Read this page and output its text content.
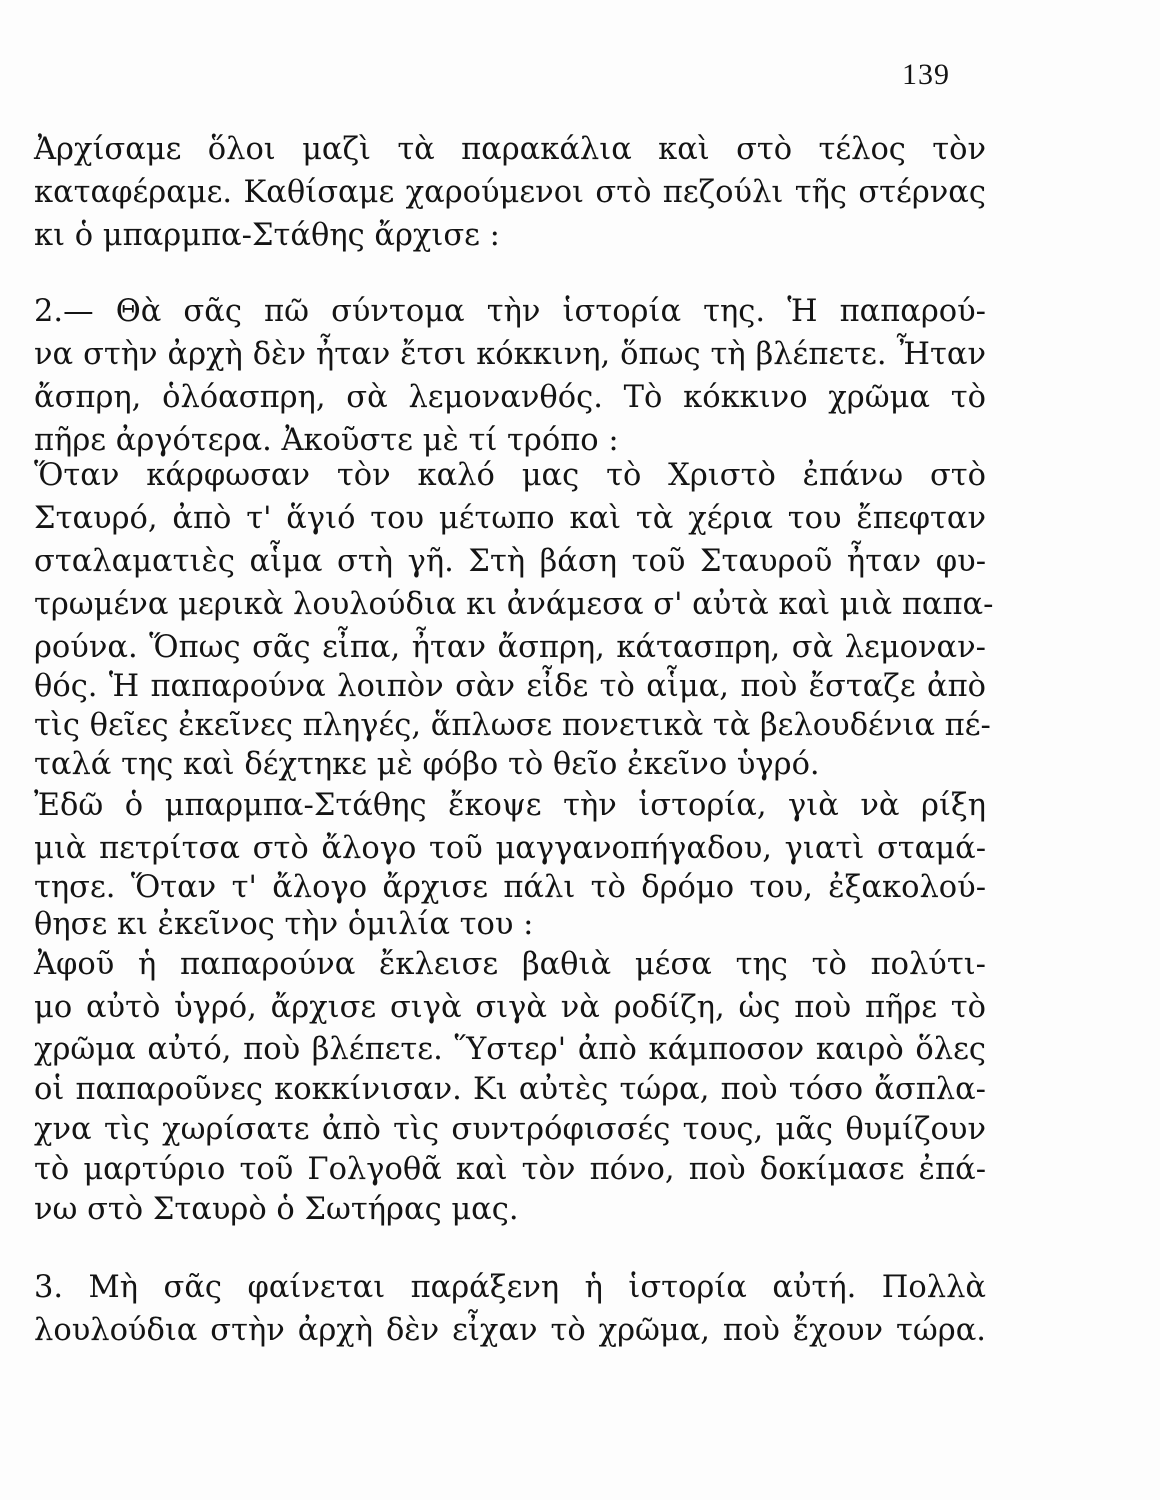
139
Ἀρχίσαμε ὅλοι μαζὶ τὰ παρακάλια καὶ στὸ τέλος τὸν
καταφέραμε. Καθίσαμε χαρούμενοι στὸ πεζούλι τῆς στέρνας
κι ὁ μπαρμπα-Στάθης ἄρχισε :
2.— Θὰ σᾶς πῶ σύντομα τὴν ἱστορία της. Ἡ παπαρού-
να στὴν ἀρχὴ δὲν ἦταν ἔτσι κόκκινη, ὅπως τὴ βλέπετε. Ἦταν
ἄσπρη, ὁλόασπρη, σὰ λεμονανθός. Τὸ κόκκινο χρῶμα τὸ
πῆρε ἀργότερα. Ἀκοῦστε μὲ τί τρόπο :
Ὅταν κάρφωσαν τὸν καλό μας τὸ Χριστὸ ἐπάνω στὸ
Σταυρό, ἀπὸ τ' ἅγιό του μέτωπο καὶ τὰ χέρια του ἔπεφταν
σταλαματιὲς αἷμα στὴ γῆ. Στὴ βάση τοῦ Σταυροῦ ἦταν φυ-
τρωμένα μερικὰ λουλούδια κι ἀνάμεσα σ' αὐτὰ καὶ μιὰ παπα-
ρούνα. Ὅπως σᾶς εἶπα, ἦταν ἄσπρη, κάτασπρη, σὰ λεμοναν-
θός. Ἡ παπαρούνα λοιπὸν σὰν εἶδε τὸ αἷμα, ποὺ ἔσταζε ἀπὸ
τὶς θεῖες ἐκεῖνες πληγές, ἅπλωσε πονετικὰ τὰ βελουδένια πέ-
ταλά της καὶ δέχτηκε μὲ φόβο τὸ θεῖο ἐκεῖνο ὑγρό.
Ἐδῶ ὁ μπαρμπα-Στάθης ἔκοψε τὴν ἱστορία, γιὰ νὰ ρίξη
μιὰ πετρίτσα στὸ ἄλογο τοῦ μαγγανοπήγαδου, γιατὶ σταμά-
τησε. Ὅταν τ' ἄλογο ἄρχισε πάλι τὸ δρόμο του, ἐξακολού-
θησε κι ἐκεῖνος τὴν ὁμιλία του :
Ἀφοῦ ἡ παπαρούνα ἔκλεισε βαθιὰ μέσα της τὸ πολύτι-
μο αὐτὸ ὑγρό, ἄρχισε σιγὰ σιγὰ νὰ ροδίζη, ὡς ποὺ πῆρε τὸ
χρῶμα αὐτό, ποὺ βλέπετε. Ὕστερ' ἀπὸ κάμποσον καιρὸ ὅλες
οἱ παπαροῦνες κοκκίνισαν. Κι αὐτὲς τώρα, ποὺ τόσο ἄσπλα-
χνα τὶς χωρίσατε ἀπὸ τὶς συντρόφισσές τους, μᾶς θυμίζουν
τὸ μαρτύριο τοῦ Γολγοθᾶ καὶ τὸν πόνο, ποὺ δοκίμασε ἐπά-
νω στὸ Σταυρὸ ὁ Σωτήρας μας.
3. Μὴ σᾶς φαίνεται παράξενη ἡ ἱστορία αὐτή. Πολλὰ
λουλούδια στὴν ἀρχὴ δὲν εἶχαν τὸ χρῶμα, ποὺ ἔχουν τώρα.
